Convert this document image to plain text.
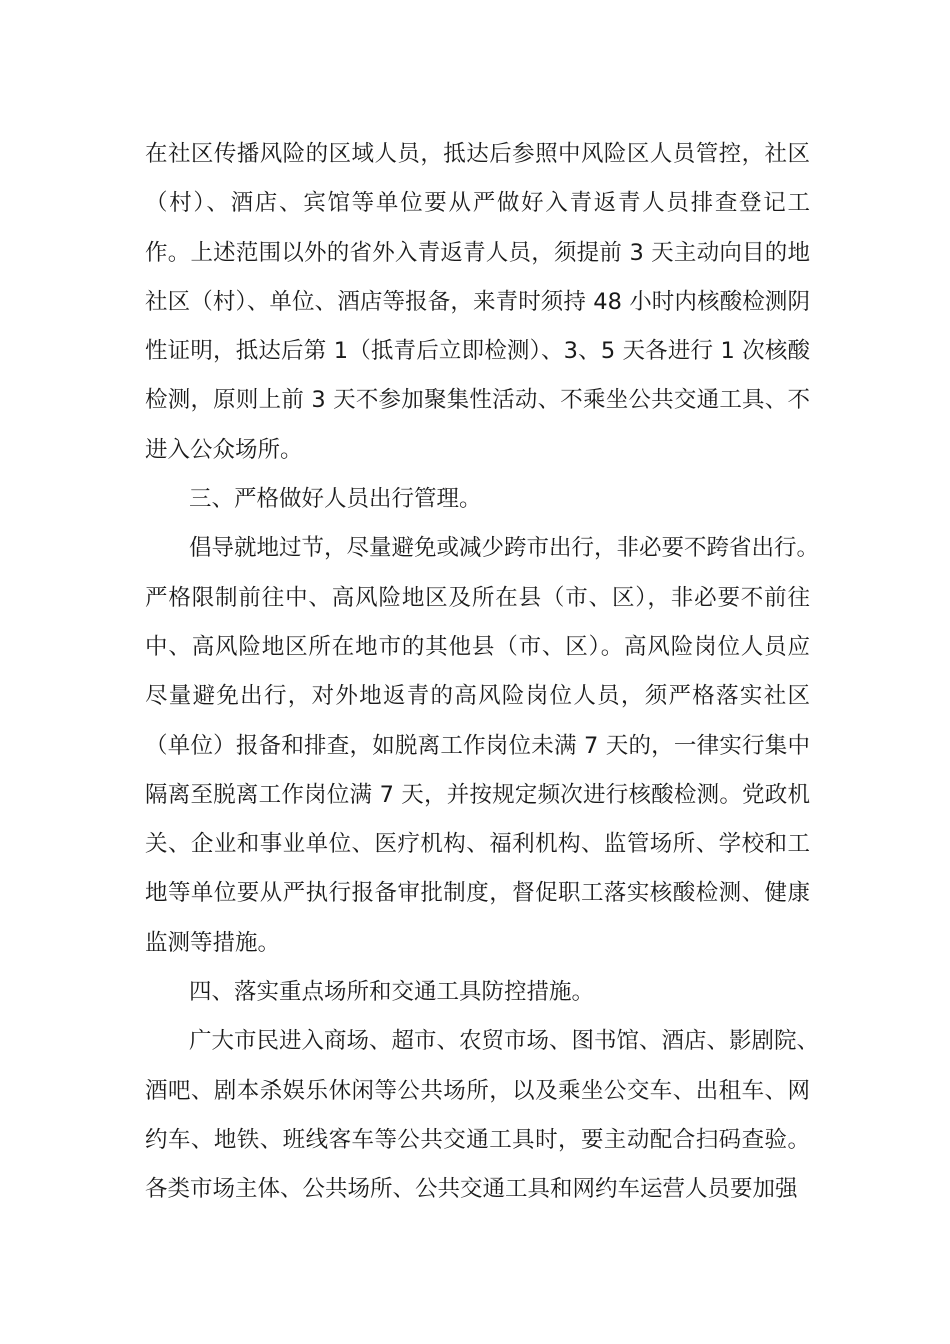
在社区传播风险的区域人员，抵达后参照中风险区人员管控，社区
（村）、酒店、宾馆等单位要从严做好入青返青人员排查登记工
作。上述范围以外的省外入青返青人员，须提前 3 天主动向目的地
社区（村）、单位、酒店等报备，来青时须持 48 小时内核酸检测阴
性证明，抵达后第 1（抵青后立即检测）、3、5 天各进行 1 次核酸
检测，原则上前 3 天不参加聚集性活动、不乘坐公共交通工具、不
进入公众场所。
三、严格做好人员出行管理。
倡导就地过节，尽量避免或减少跨市出行，非必要不跨省出行。
严格限制前往中、高风险地区及所在县（市、区），非必要不前往
中、高风险地区所在地市的其他县（市、区）。高风险岗位人员应
尽量避免出行，对外地返青的高风险岗位人员，须严格落实社区
（单位）报备和排查，如脱离工作岗位未满 7 天的，一律实行集中
隔离至脱离工作岗位满 7 天，并按规定频次进行核酸检测。党政机
关、企业和事业单位、医疗机构、福利机构、监管场所、学校和工
地等单位要从严执行报备审批制度，督促职工落实核酸检测、健康
监测等措施。
四、落实重点场所和交通工具防控措施。
广大市民进入商场、超市、农贸市场、图书馆、酒店、影剧院、
酒吧、剧本杀娱乐休闲等公共场所，以及乘坐公交车、出租车、网
约车、地铁、班线客车等公共交通工具时，要主动配合扫码查验。
各类市场主体、公共场所、公共交通工具和网约车运营人员要加强
